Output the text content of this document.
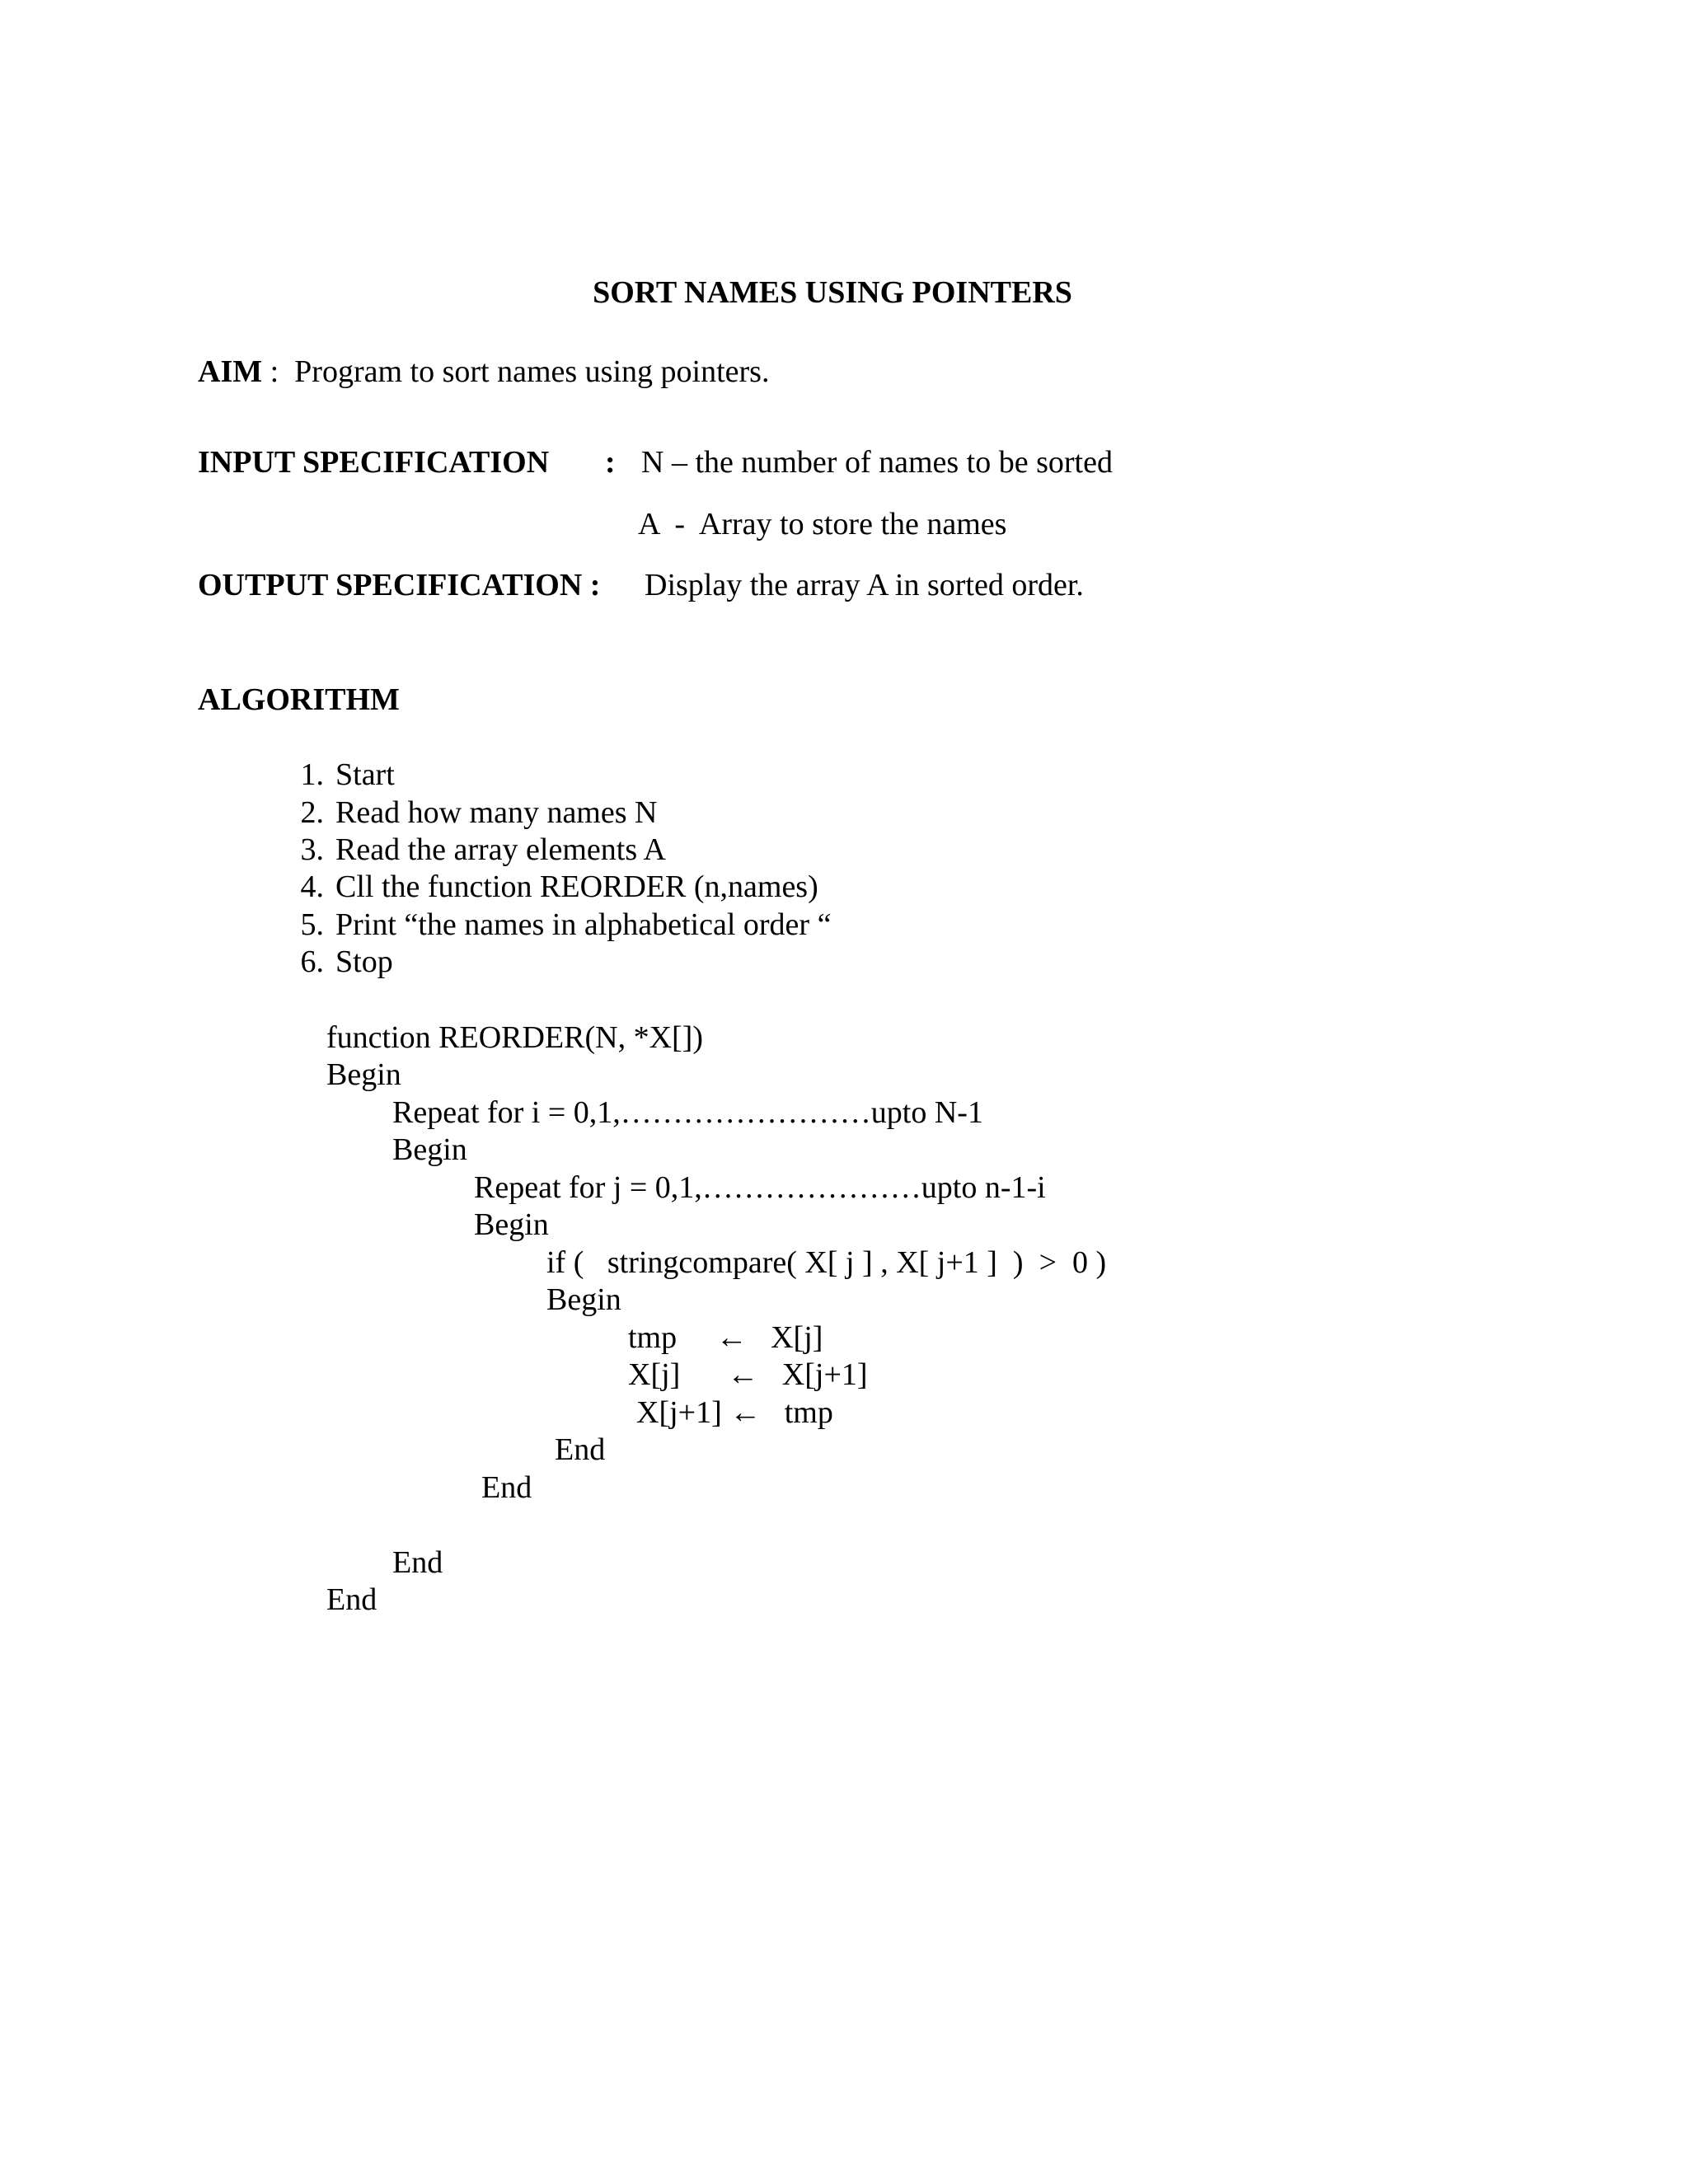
SORT NAMES USING POINTERS
AIM :  Program to sort names using pointers.
INPUT SPECIFICATION : N – the number of names to be sorted
A  -  Array to store the names
OUTPUT SPECIFICATION : Display the array A in sorted order.
ALGORITHM
1. Start
2. Read how many names N
3. Read the array elements A
4. Cll the function REORDER (n,names)
5. Print “the names in alphabetical order “
6. Stop
function REORDER(N, *X[])
Begin
Repeat for i = 0,1,……………………upto N-1
Begin
Repeat for j = 0,1,…………………upto n-1-i
Begin
if (   stringcompare( X[ j ] , X[ j+1 ]  )  >  0 )
Begin
tmp     ←   X[j]
X[j]      ←   X[j+1]
X[j+1] ←   tmp
End
End
End
End
